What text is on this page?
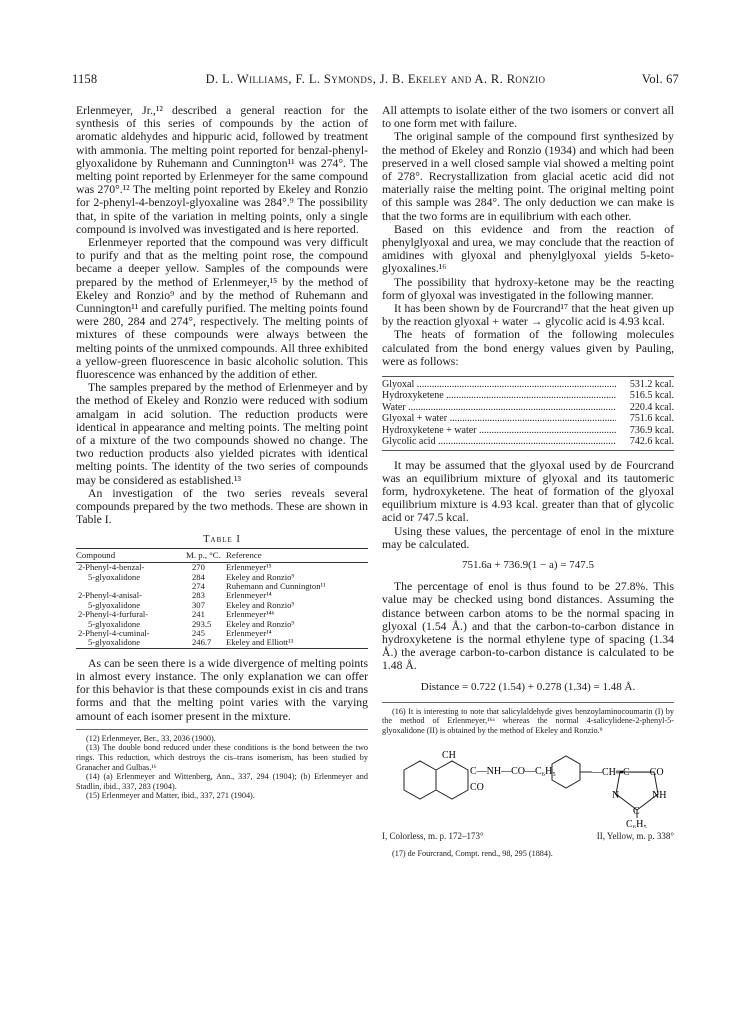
1158	D. L. Williams, F. L. Symonds, J. B. Ekeley and A. R. Ronzio	Vol. 67

Erlenmeyer, Jr.,¹² described a general reaction for the synthesis of this series of compounds by the action of aromatic aldehydes and hippuric acid, followed by treatment with ammonia. The melting point reported for benzal-phenyl-glyoxalidone by Ruhemann and Cunnington¹¹ was 274°. The melting point reported by Erlenmeyer for the same compound was 270°.¹² The melting point reported by Ekeley and Ronzio for 2-phenyl-4-benzoyl-glyoxaline was 284°.⁹ The possibility that, in spite of the variation in melting points, only a single compound is involved was investigated and is here reported.

Erlenmeyer reported that the compound was very difficult to purify and that as the melting point rose, the compound became a deeper yellow. Samples of the compounds were prepared by the method of Erlenmeyer,¹⁵ by the method of Ekeley and Ronzio⁹ and by the method of Ruhemann and Cunnington¹¹ and carefully purified. The melting points found were 280, 284 and 274°, respectively. The melting points of mixtures of these compounds were always between the melting points of the unmixed compounds. All three exhibited a yellow-green fluorescence in basic alcoholic solution. This fluorescence was enhanced by the addition of ether.

The samples prepared by the method of Erlenmeyer and by the method of Ekeley and Ronzio were reduced with sodium amalgam in acid solution. The reduction products were identical in appearance and melting points. The melting point of a mixture of the two compounds showed no change. The two reduction products also yielded picrates with identical melting points. The identity of the two series of compounds may be considered as established.¹³

An investigation of the two series reveals several compounds prepared by the two methods. These are shown in Table I.

Table I
Compound	M. p., °C.	Reference
2-Phenyl-4-benzal-	270	Erlenmeyer¹⁵
5-glyoxalidone	284	Ekeley and Ronzio⁹
	274	Ruhemann and Cunnington¹¹
2-Phenyl-4-anisal-	283	Erlenmeyer¹⁴
5-glyoxalidone	307	Ekeley and Ronzio⁹
2-Phenyl-4-furfural-	241	Erlenmeyer¹⁴ᵇ
5-glyoxalidone	293.5	Ekeley and Ronzio⁹
2-Phenyl-4-cuminal-	245	Erlenmeyer¹⁴
5-glyoxalidone	246.7	Ekeley and Elliott¹³

As can be seen there is a wide divergence of melting points in almost every instance. The only explanation we can offer for this behavior is that these compounds exist in cis and trans forms and that the melting point varies with the varying amount of each isomer present in the mixture.

(12) Erlenmeyer, Ber., 33, 2036 (1900).
(13) The double bond reduced under these conditions is the bond between the two rings. This reduction, which destroys the cis–trans isomerism, has been studied by Granacher and Gulbas.¹⁶
(14) (a) Erlenmeyer and Wittenberg, Ann., 337, 294 (1904); (b) Erlenmeyer and Stadlin, ibid., 337, 283 (1904).
(15) Erlenmeyer and Matter, ibid., 337, 271 (1904).

All attempts to isolate either of the two isomers or convert all to one form met with failure.

The original sample of the compound first synthesized by the method of Ekeley and Ronzio (1934) and which had been preserved in a well closed sample vial showed a melting point of 278°. Recrystallization from glacial acetic acid did not materially raise the melting point. The original melting point of this sample was 284°. The only deduction we can make is that the two forms are in equilibrium with each other.

Based on this evidence and from the reaction of phenylglyoxal and urea, we may conclude that the reaction of amidines with glyoxal and phenylglyoxal yields 5-keto-glyoxalines.¹⁶

The possibility that hydroxy-ketone may be the reacting form of glyoxal was investigated in the following manner.

It has been shown by de Fourcrand¹⁷ that the heat given up by the reaction glyoxal + water → glycolic acid is 4.93 kcal.

The heats of formation of the following molecules calculated from the bond energy values given by Pauling, were as follows:

Glyoxal .....	531.2 kcal.
Hydroxyketene .....	516.5 kcal.
Water .....	220.4 kcal.
Glyoxal + water .....	751.6 kcal.
Hydroxyketene + water .....	736.9 kcal.
Glycolic acid .....	742.6 kcal.

It may be assumed that the glyoxal used by de Fourcrand was an equilibrium mixture of glyoxal and its tautomeric form, hydroxyketene. The heat of formation of the glyoxal equilibrium mixture is 4.93 kcal. greater than that of glycolic acid or 747.5 kcal.

Using these values, the percentage of enol in the mixture may be calculated.

751.6a + 736.9(1 − a) = 747.5

The percentage of enol is thus found to be 27.8%. This value may be checked using bond distances. Assuming the distance between carbon atoms to be the normal spacing in glyoxal (1.54 Å.) and that the carbon-to-carbon distance in hydroxyketene is the normal ethylene type of spacing (1.34 Å.) the average carbon-to-carbon distance is calculated to be 1.48 Å.

Distance = 0.722 (1.54) + 0.278 (1.34) = 1.48 Å.
(16) It is interesting to note that salicylaldehyde gives benzoylaminocoumarin (I) by the method of Erlenmeyer,¹⁶ᵃ whereas the normal 4-salicylidene-2-phenyl-5-glyoxalidone (II) is obtained by the method of Ekeley and Ronzio.⁹
CH
C—NH—CO—C₆H₅
CO
—CH═C——CO
N	NH
C
C₆H₅
I, Colorless, m. p. 172–173°	II, Yellow, m. p. 338°
(17) de Fourcrand, Compt. rend., 98, 295 (1884).
